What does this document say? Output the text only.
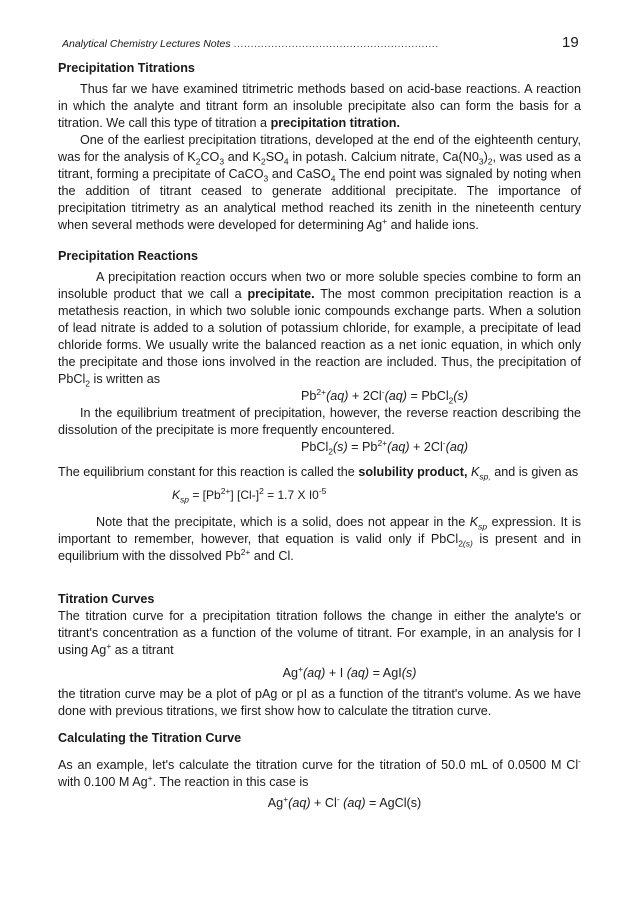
Analytical Chemistry Lectures Notes ............................................................	19

Precipitation Titrations

Thus far we have examined titrimetric methods based on acid-base reactions. A reaction in which the analyte and titrant form an insoluble precipitate also can form the basis for a titration. We call this type of titration a precipitation titration.

One of the earliest precipitation titrations, developed at the end of the eighteenth century, was for the analysis of $K_2CO_3$ and $K_2SO_4$ in potash. Calcium nitrate, $Ca(N0_3)_2$, was used as a titrant, forming a precipitate of CaCO$_3$ and CaSO$_4$ The end point was signaled by noting when the addition of titrant ceased to generate additional precipitate. The importance of precipitation titrimetry as an analytical method reached its zenith in the nineteenth century when several methods were developed for determining Ag+ and halide ions.

Precipitation Reactions

A precipitation reaction occurs when two or more soluble species combine to form an insoluble product that we call a precipitate. The most common precipitation reaction is a metathesis reaction, in which two soluble ionic compounds exchange parts. When a solution of lead nitrate is added to a solution of potassium chloride, for example, a precipitate of lead chloride forms. We usually write the balanced reaction as a net ionic equation, in which only the precipitate and those ions involved in the reaction are included. Thus, the precipitation of PbCl$_2$ is written as

$Pb^{2+}(aq) + 2Cl^-(aq)$ = PbCl$_2$(s)

In the equilibrium treatment of precipitation, however, the reverse reaction describing the dissolution of the precipitate is more frequently encountered.

PbCl$_2$(s) = $Pb^{2+}(aq) + 2Cl^-(aq)$

The equilibrium constant for this reaction is called the solubility product, $K_{sp,}$ and is given as

$K_{sp} = [Pb^{2+}] [Cl-]^2 = 1.7$ X $I0^{-5}$

Note that the precipitate, which is a solid, does not appear in the $K_{sp}$ expression. It is important to remember, however, that equation is valid only if PbCl$_{2(s)}$ is present and in equilibrium with the dissolved $Pb^{2+}$ and Cl.

Titration Curves

The titration curve for a precipitation titration follows the change in either the analyte's or titrant's concentration as a function of the volume of titrant. For example, in an analysis for I using Ag+ as a titrant

Ag+(aq) + I (aq) = AgI(s)

the titration curve may be a plot of pAg or pI as a function of the titrant's volume. As we have done with previous titrations, we first show how to calculate the titration curve.

Calculating the Titration Curve

As an example, let's calculate the titration curve for the titration of 50.0 mL of 0.0500 M Cl- with 0.100 M Ag+. The reaction in this case is

Ag+(aq) + Cl- (aq) = AgCl(s)
